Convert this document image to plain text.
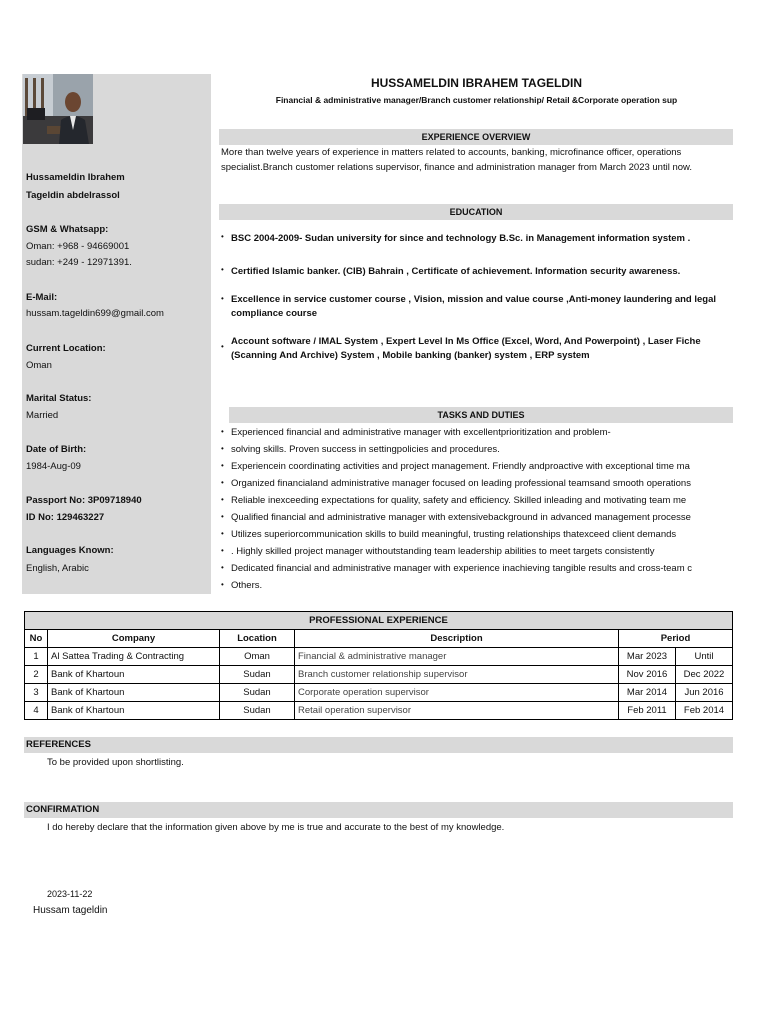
Hussameldin Ibrahem
Tageldin abdelrassol
GSM & Whatsapp:
Oman: +968 - 94669001
sudan: +249 - 12971391.
E-Mail:
hussam.tageldin699@gmail.com
Current Location:
Oman
Marital Status:
Married
Date of Birth:
1984-Aug-09
Passport No: 3P09718940
ID No: 129463227
Languages Known:
English, Arabic
HUSSAMELDIN IBRAHEM TAGELDIN
Financial & administrative manager/Branch customer relationship/ Retail &Corporate operation sup
EXPERIENCE OVERVIEW
More than twelve years of experience in matters related to accounts, banking, microfinance officer, operations specialist.Branch customer relations supervisor, finance and administration manager from March 2023 until now.
EDUCATION
• BSC 2004-2009- Sudan university for since and technology B.Sc. in Management information system .
• Certified Islamic banker. (CIB) Bahrain , Certificate of achievement. Information security awareness.
• Excellence in service customer course , Vision, mission and value course ,Anti-money laundering and legal compliance course
• Account software / IMAL System , Expert Level In Ms Office (Excel, Word, And Powerpoint) , Laser Fiche (Scanning And Archive) System , Mobile banking (banker) system , ERP system
TASKS AND DUTIES
• Experienced financial and administrative manager with excellentprioritization and problem-
• solving skills. Proven success in settingpolicies and procedures.
• Experiencein coordinating activities and project management. Friendly andproactive with exceptional time ma
• Organized financialand administrative manager focused on leading professional teamsand smooth operations
• Reliable inexceeding expectations for quality, safety and efficiency. Skilled inleading and motivating team me
• Qualified financial and administrative manager with extensivebackground in advanced management processe
• Utilizes superiorcommunication skills to build meaningful, trusting relationships thatexceed client demands
• . Highly skilled project manager withoutstanding team leadership abilities to meet targets consistently
• Dedicated financial and administrative manager with experience inachieving tangible results and cross-team c
• Others.
PROFESSIONAL EXPERIENCE					
No	Company	Location	Description	Period	
1	Al Sattea Trading & Contracting	Oman	Financial & administrative manager	Mar 2023	Until
2	Bank of Khartoun	Sudan	Branch customer relationship supervisor	Nov 2016	Dec 2022
3	Bank of Khartoun	Sudan	Corporate operation supervisor	Mar 2014	Jun 2016
4	Bank of Khartoun	Sudan	Retail operation supervisor	Feb 2011	Feb 2014
REFERENCES
To be provided upon shortlisting.
CONFIRMATION
I do hereby declare that the information given above by me is true and accurate to the best of my knowledge.
2023-11-22
Hussam tageldin
